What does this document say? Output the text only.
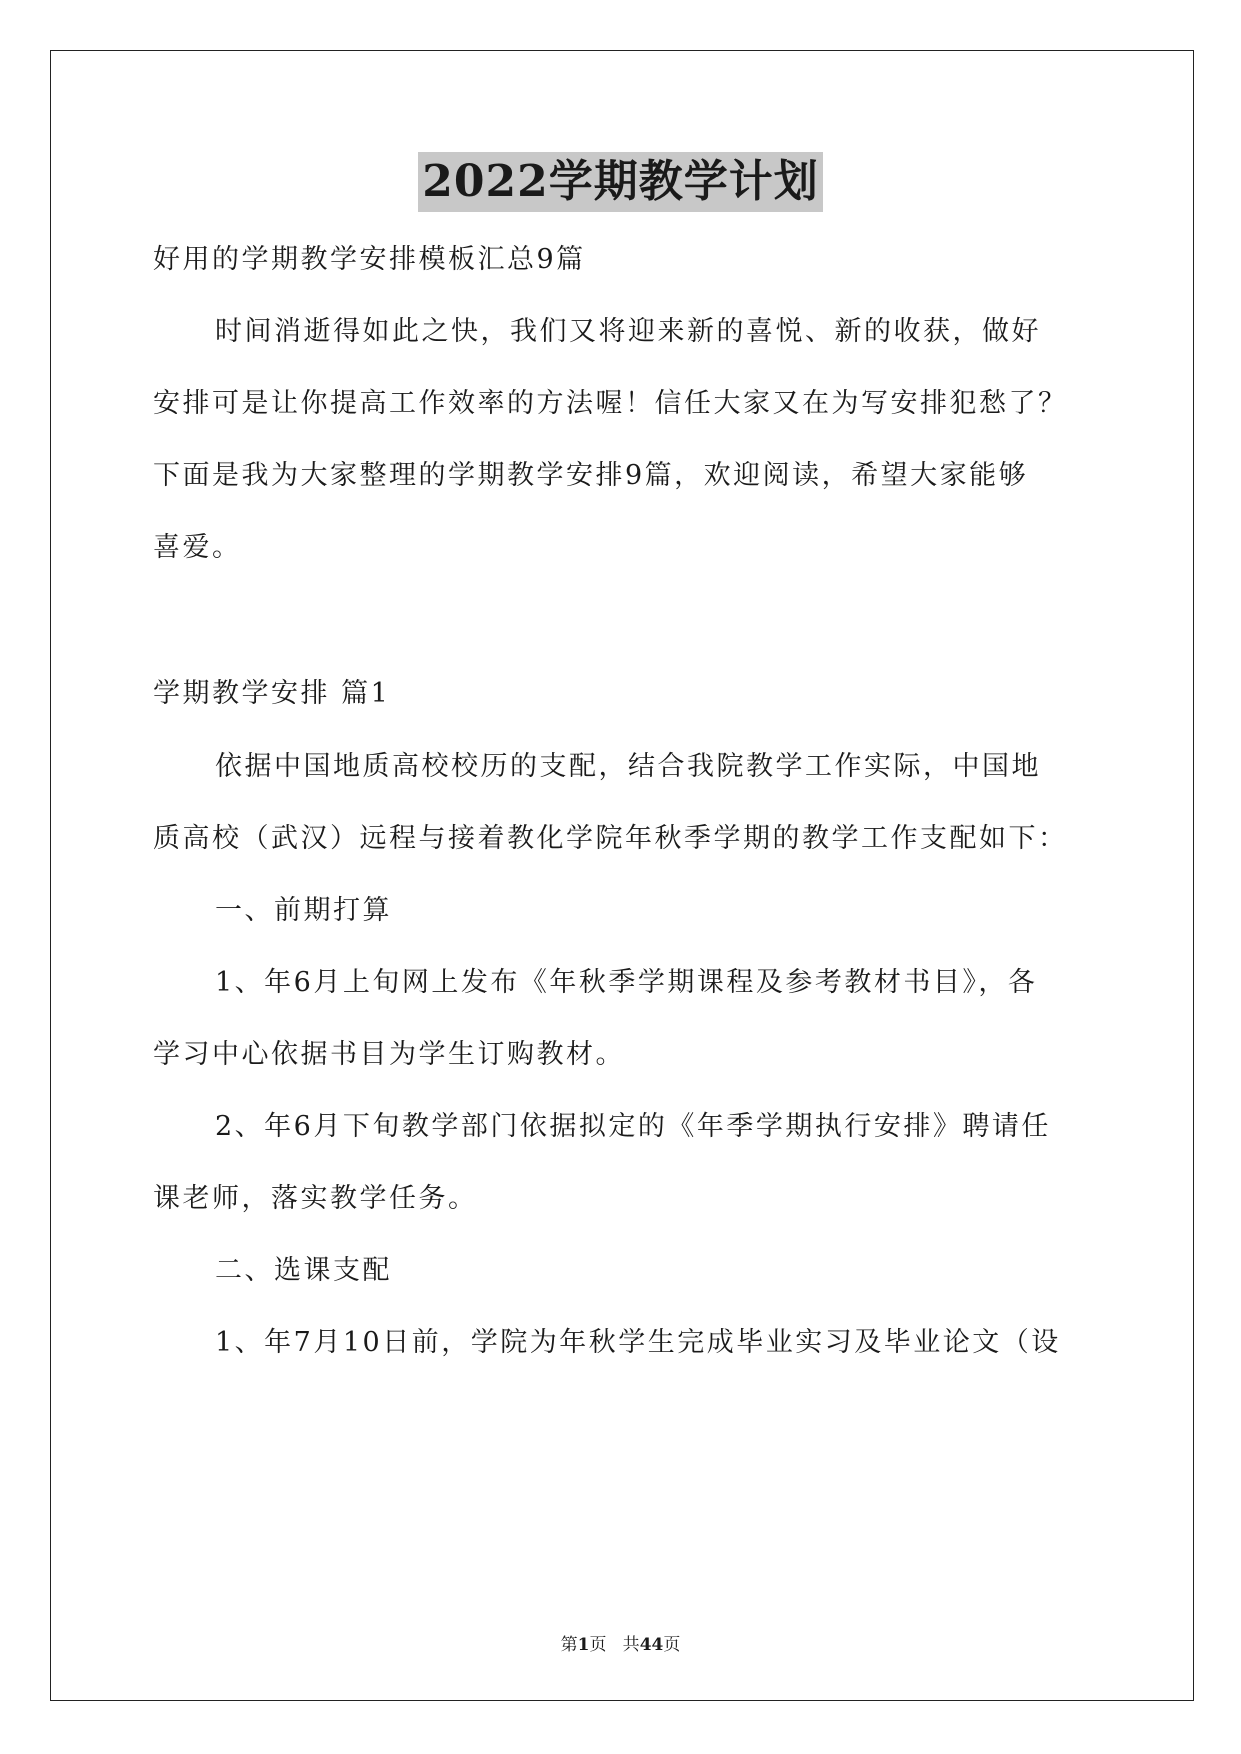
2022学期教学计划
好用的学期教学安排模板汇总9篇
时间消逝得如此之快，我们又将迎来新的喜悦、新的收获，做好
安排可是让你提高工作效率的方法喔！信任大家又在为写安排犯愁了？
下面是我为大家整理的学期教学安排9篇，欢迎阅读，希望大家能够
喜爱。
学期教学安排 篇1
依据中国地质高校校历的支配，结合我院教学工作实际，中国地
质高校（武汉）远程与接着教化学院年秋季学期的教学工作支配如下：
一、前期打算
1、年6月上旬网上发布《年秋季学期课程及参考教材书目》，各
学习中心依据书目为学生订购教材。
2、年6月下旬教学部门依据拟定的《年季学期执行安排》聘请任
课老师，落实教学任务。
二、选课支配
1、年7月10日前，学院为年秋学生完成毕业实习及毕业论文（设
第1页   共44页
